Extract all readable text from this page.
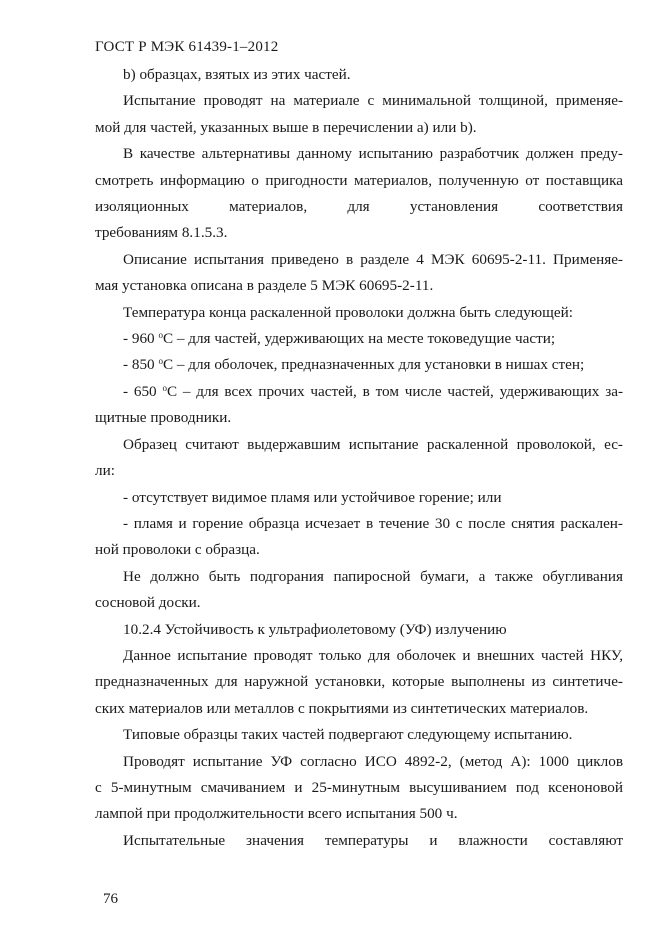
ГОСТ Р МЭК 61439-1–2012

b) образцах, взятых из этих частей.

Испытание проводят на материале с минимальной толщиной, применяе-
мой для частей, указанных выше в перечислении a) или b).

В качестве альтернативы данному испытанию разработчик должен преду-
смотреть информацию о пригодности материалов, полученную от поставщика
изоляционных материалов, для установления соответствия
требованиям 8.1.5.3.

Описание испытания приведено в разделе 4 МЭК 60695-2-11. Применяе-
мая установка описана в разделе 5 МЭК 60695-2-11.

Температура конца раскаленной проволоки должна быть следующей:

- 960 $^o$C – для частей, удерживающих на месте токоведущие части;

- 850 $^o$C – для оболочек, предназначенных для установки в нишах стен;

- 650 $^o$C – для всех прочих частей, в том числе частей, удерживающих за-
щитные проводники.

Образец считают выдержавшим испытание раскаленной проволокой, ес-
ли:

- отсутствует видимое пламя или устойчивое горение; или

- пламя и горение образца исчезает в течение 30 с после снятия раскален-
ной проволоки с образца.

Не должно быть подгорания папиросной бумаги, а также обугливания
сосновой доски.

10.2.4 Устойчивость к ультрафиолетовому (УФ) излучению

Данное испытание проводят только для оболочек и внешних частей НКУ,
предназначенных для наружной установки, которые выполнены из синтетиче-
ских материалов или металлов с покрытиями из синтетических материалов.

Типовые образцы таких частей подвергают следующему испытанию.

Проводят испытание УФ согласно ИСО 4892-2, (метод А): 1000 циклов
с 5-минутным смачиванием и 25-минутным высушиванием под ксеноновой
лампой при продолжительности всего испытания 500 ч.

Испытательные значения температуры и влажности составляют

76
